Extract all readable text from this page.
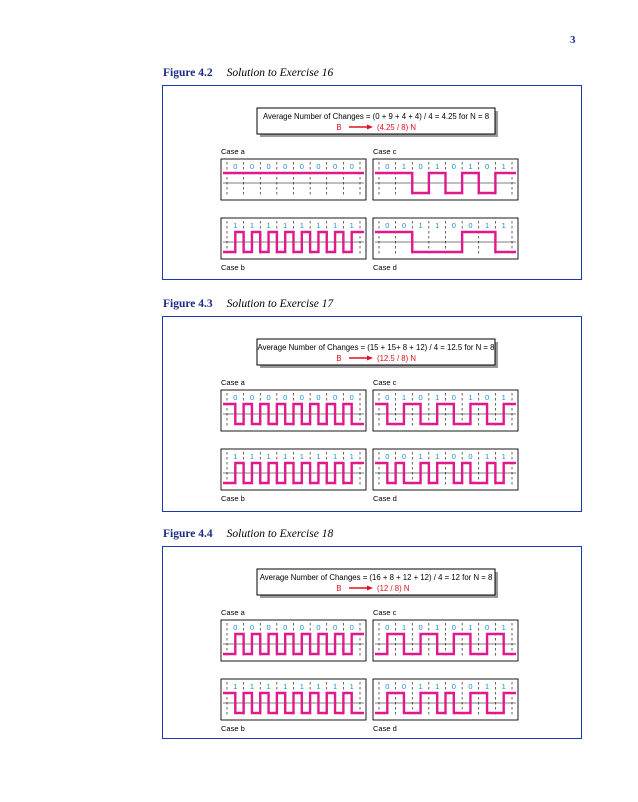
3
Figure 4.2 Solution to Exercise 16
Average Number of Changes = (0 + 9 + 4 + 4) / 4 = 4.25 for N = 8
B	(4.25 / 8) N
Case a
0 0 0 0 0 0 0 0
Case c
0 1 0 1 0 1 0 1
Case b
1 1 1 1 1 1 1 1
Case d
0 0 1 1 0 0 1 1
Figure 4.3 Solution to Exercise 17
Average Number of Changes = (15 + 15+ 8 + 12) / 4 = 12.5 for N = 8
B	(12.5 / 8) N
Case a
0 0 0 0 0 0 0 0
Case c
0 1 0 1 0 1 0 1
Case b
1 1 1 1 1 1 1 1
Case d
0 0 1 1 0 0 1 1
Figure 4.4 Solution to Exercise 18
Average Number of Changes = (16 + 8 + 12 + 12) / 4 = 12 for N = 8
B	(12 / 8) N
Case a
0 0 0 0 0 0 0 0
Case c
0 1 0 1 0 1 0 1
Case b
1 1 1 1 1 1 1 1
Case d
0 0 1 1 0 0 1 1
